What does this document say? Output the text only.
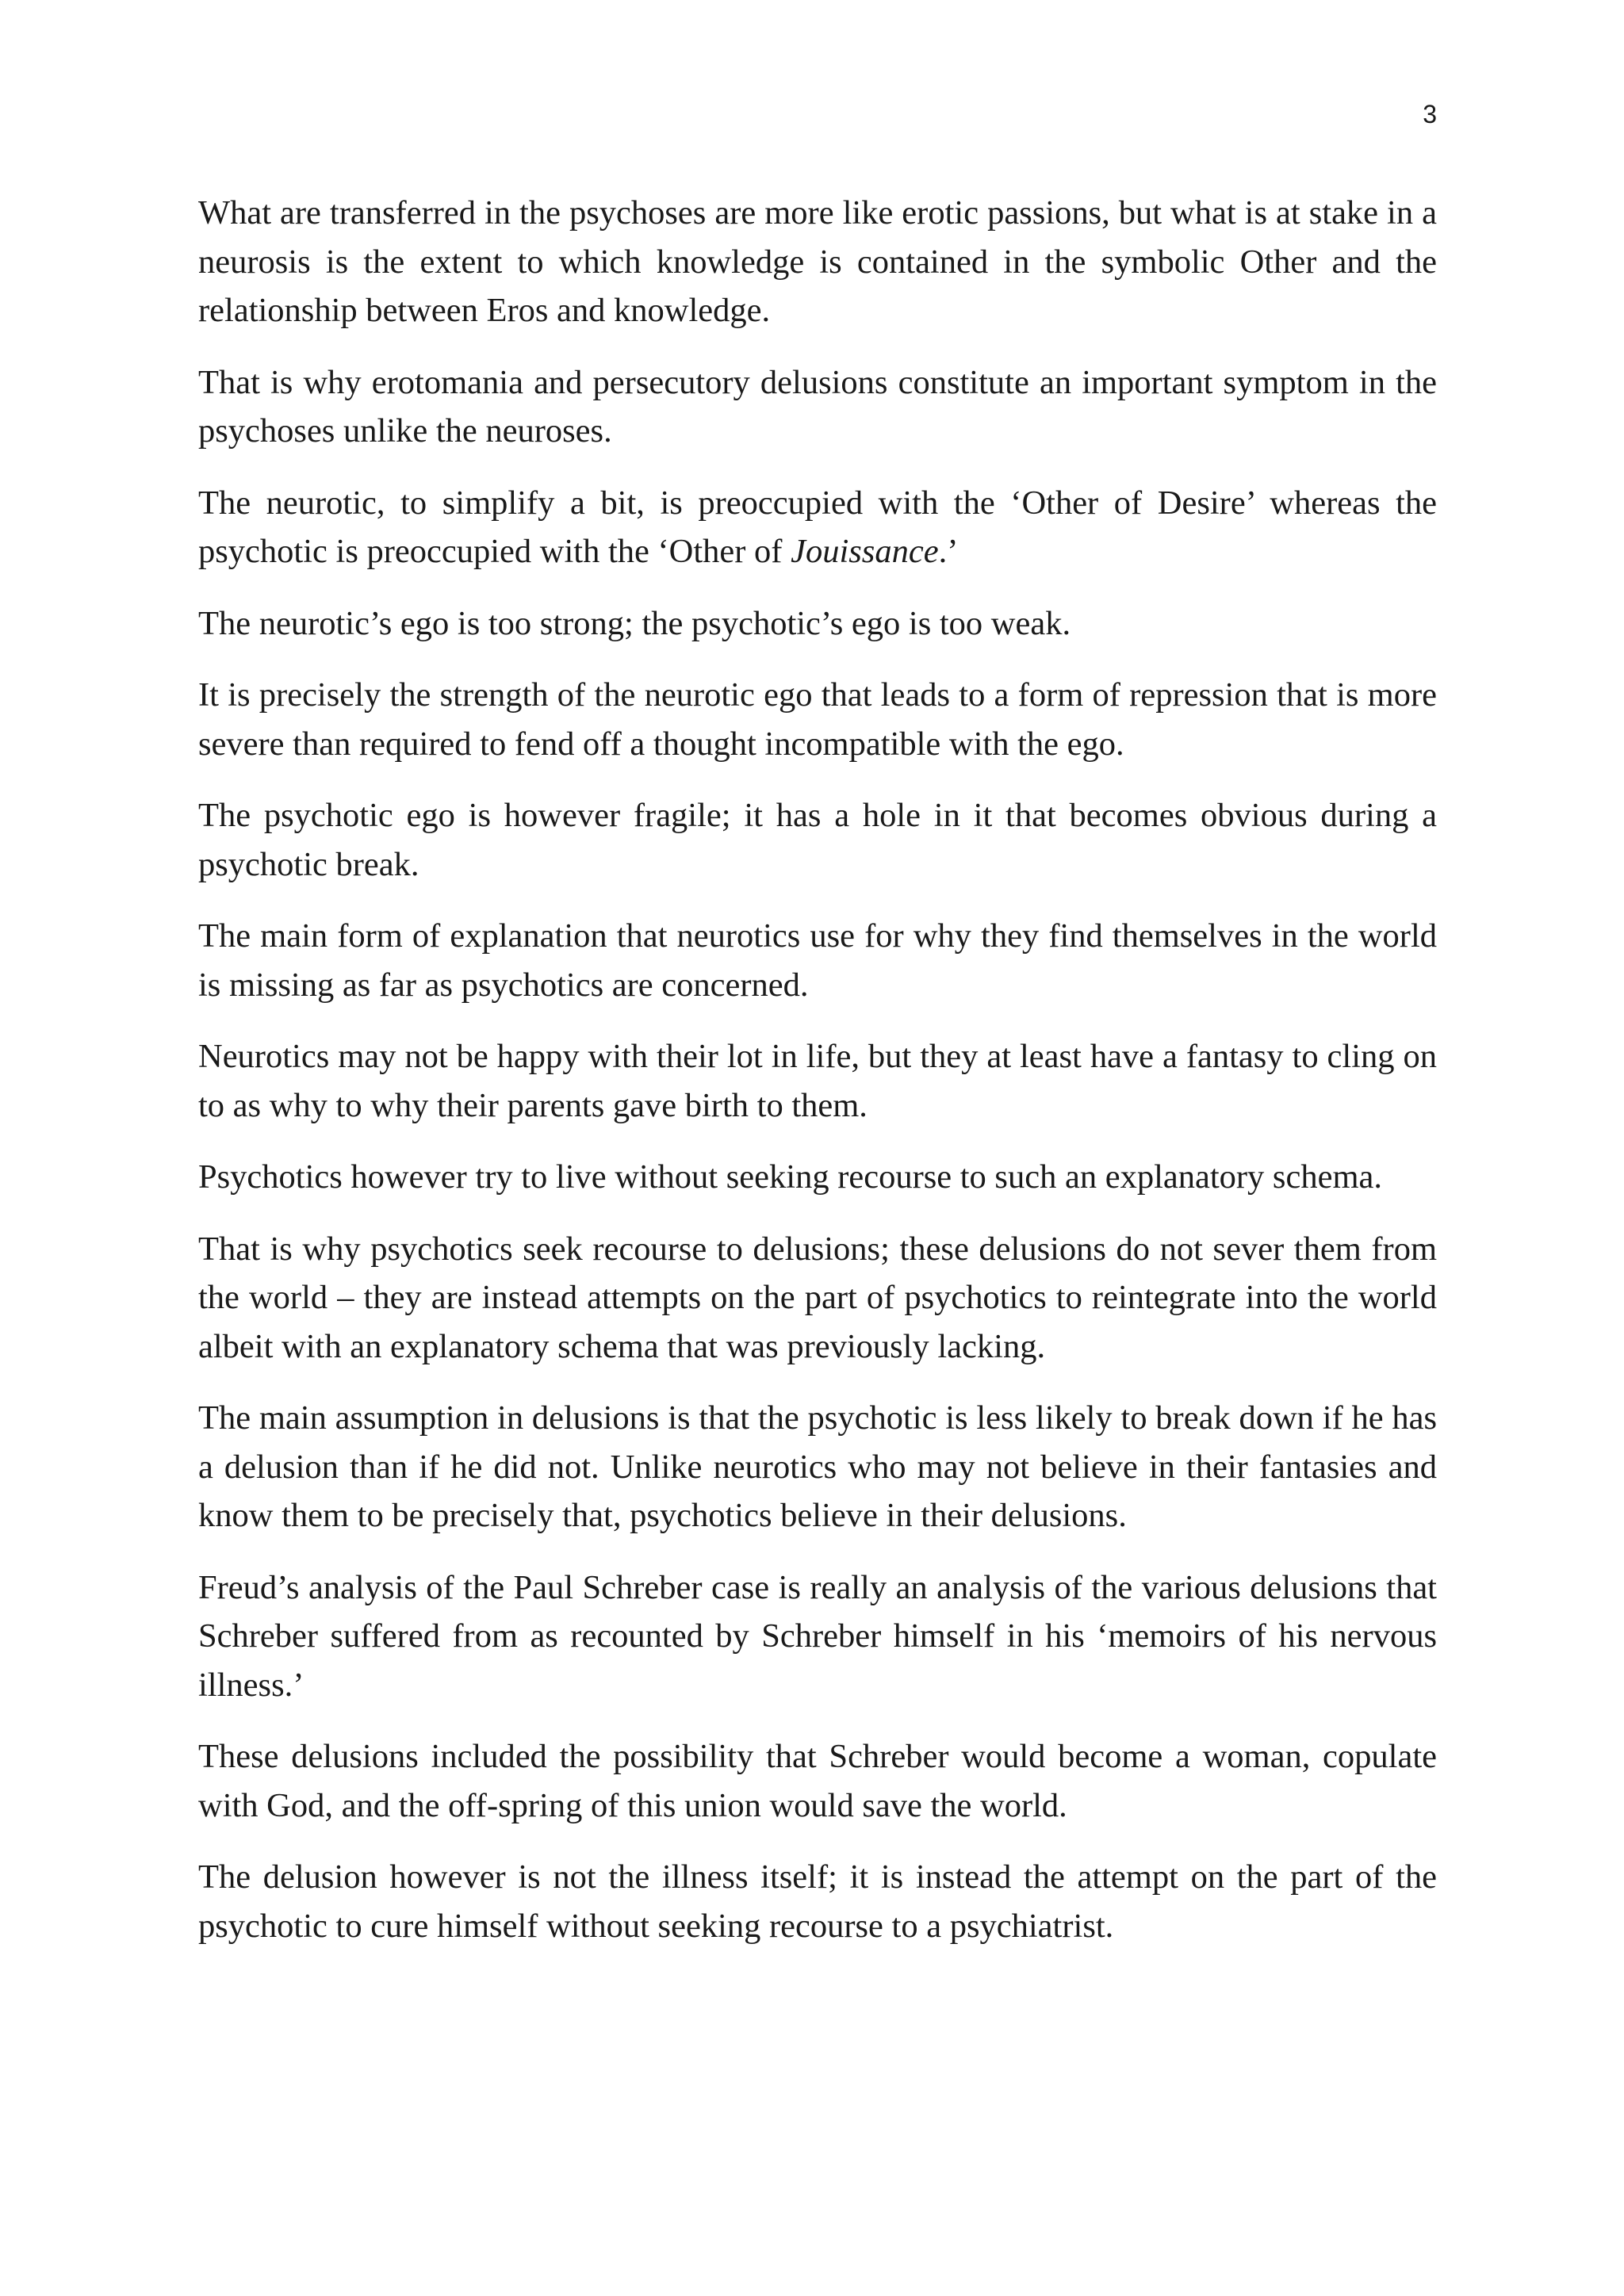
3

What are transferred in the psychoses are more like erotic passions, but what is at stake in a neurosis is the extent to which knowledge is contained in the symbolic Other and the relationship between Eros and knowledge.

That is why erotomania and persecutory delusions constitute an important symptom in the psychoses unlike the neuroses.

The neurotic, to simplify a bit, is preoccupied with the ‘Other of Desire’ whereas the psychotic is preoccupied with the ‘Other of Jouissance.’

The neurotic’s ego is too strong; the psychotic’s ego is too weak.

It is precisely the strength of the neurotic ego that leads to a form of repression that is more severe than required to fend off a thought incompatible with the ego.

The psychotic ego is however fragile; it has a hole in it that becomes obvious during a psychotic break.

The main form of explanation that neurotics use for why they find themselves in the world is missing as far as psychotics are concerned.

Neurotics may not be happy with their lot in life, but they at least have a fantasy to cling on to as why to why their parents gave birth to them.

Psychotics however try to live without seeking recourse to such an explanatory schema.

That is why psychotics seek recourse to delusions; these delusions do not sever them from the world – they are instead attempts on the part of psychotics to reintegrate into the world albeit with an explanatory schema that was previously lacking.

The main assumption in delusions is that the psychotic is less likely to break down if he has a delusion than if he did not. Unlike neurotics who may not believe in their fantasies and know them to be precisely that, psychotics believe in their delusions.

Freud’s analysis of the Paul Schreber case is really an analysis of the various delusions that Schreber suffered from as recounted by Schreber himself in his ‘memoirs of his nervous illness.’

These delusions included the possibility that Schreber would become a woman, copulate with God, and the off-spring of this union would save the world.

The delusion however is not the illness itself; it is instead the attempt on the part of the psychotic to cure himself without seeking recourse to a psychiatrist.
